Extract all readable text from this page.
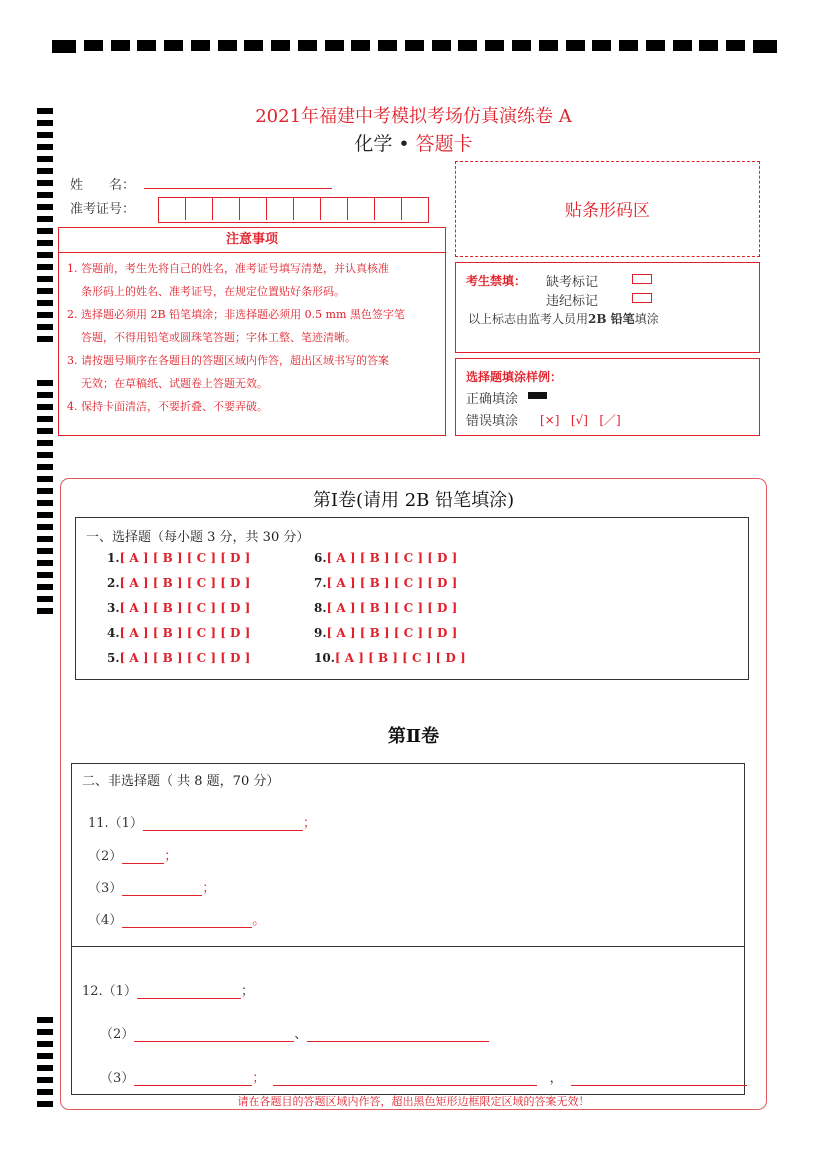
2021年福建中考模拟考场仿真演练卷 A
化学 • 答题卡
姓　　名：
准考证号：	贴条形码区
注意事项
1. 答题前，考生先将自己的姓名，准考证号填写清楚，并认真核准
条形码上的姓名、准考证号，在规定位置贴好条形码。
2. 选择题必须用 2B 铅笔填涂；非选择题必须用 0.5 mm 黑色签字笔
答题，不得用铅笔或圆珠笔答题；字体工整、笔迹清晰。
3. 请按题号顺序在各题目的答题区域内作答，超出区域书写的答案
无效；在草稿纸、试题卷上答题无效。
4. 保持卡面清洁，不要折叠、不要弄破。
考生禁填： 缺考标记
违纪标记
以上标志由监考人员用2B 铅笔填涂
选择题填涂样例：
正确填涂
错误填涂 [×] [√] [／]
第Ⅰ卷(请用 2B 铅笔填涂)
一、选择题（每小题 3 分，共 30 分）
1.[ A ] [ B ] [ C ] [ D ]
2.[ A ] [ B ] [ C ] [ D ]
3.[ A ] [ B ] [ C ] [ D ]
4.[ A ] [ B ] [ C ] [ D ]
5.[ A ] [ B ] [ C ] [ D ]
6.[ A ] [ B ] [ C ] [ D ]
7.[ A ] [ B ] [ C ] [ D ]
8.[ A ] [ B ] [ C ] [ D ]
9.[ A ] [ B ] [ C ] [ D ]
10.[ A ] [ B ] [ C ] [ D ]
第Ⅱ卷
二、非选择题（ 共 8 题，70 分）
11.（1）	；
（2）	；
（3）	；
（4）	。
12.（1）	；
（2）	、
（3）	；	，
请在各题目的答题区域内作答，超出黑色矩形边框限定区域的答案无效！
